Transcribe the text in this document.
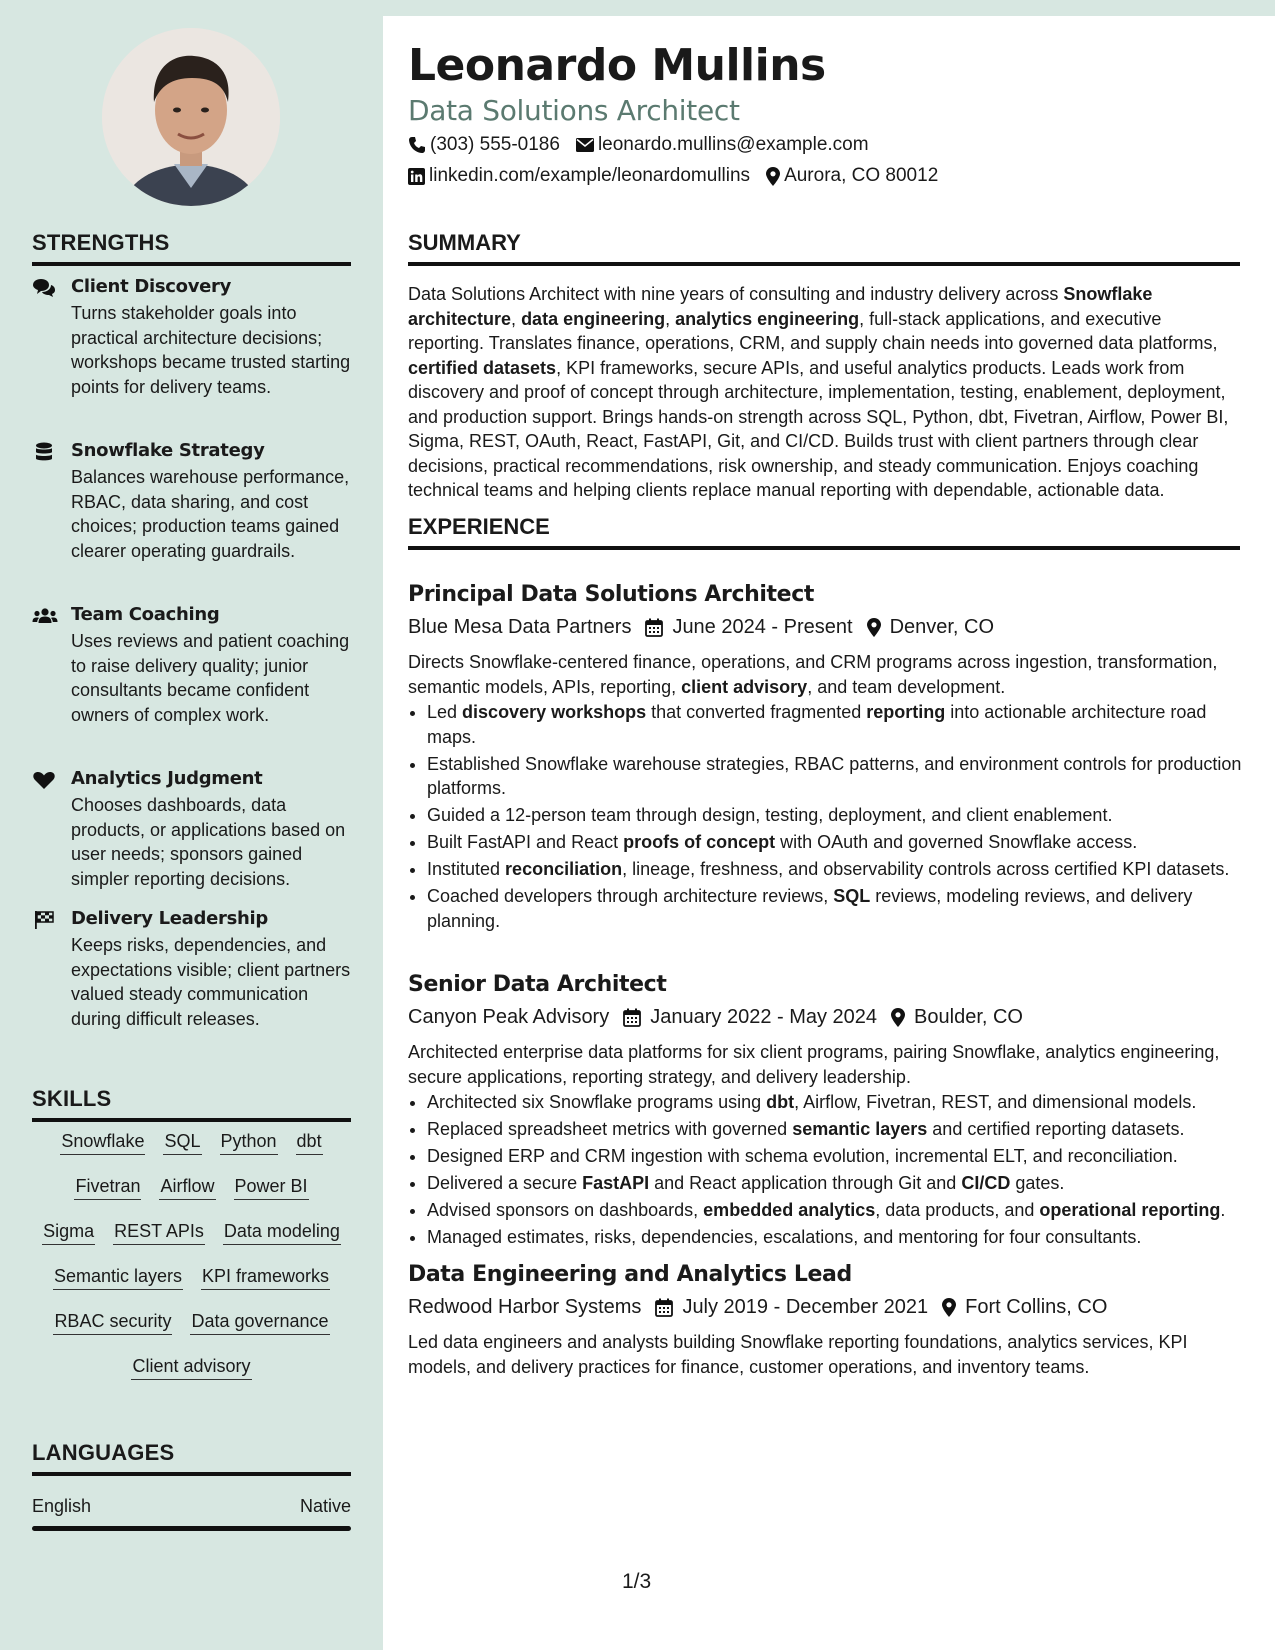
STRENGTHS
Client Discovery
Turns stakeholder goals into practical architecture decisions; workshops became trusted starting points for delivery teams.
Snowflake Strategy
Balances warehouse performance, RBAC, data sharing, and cost choices; production teams gained clearer operating guardrails.
Team Coaching
Uses reviews and patient coaching to raise delivery quality; junior consultants became confident owners of complex work.
Analytics Judgment
Chooses dashboards, data products, or applications based on user needs; sponsors gained simpler reporting decisions.
Delivery Leadership
Keeps risks, dependencies, and expectations visible; client partners valued steady communication during difficult releases.
SKILLS
Snowflake SQL Python dbt
Fivetran Airflow Power BI
Sigma REST APIs Data modeling
Semantic layers KPI frameworks
RBAC security Data governance
Client advisory
LANGUAGES
English	Native
Leonardo Mullins
Data Solutions Architect
(303) 555-0186 leonardo.mullins@example.com
linkedin.com/example/leonardomullins Aurora, CO 80012
SUMMARY
Data Solutions Architect with nine years of consulting and industry delivery across Snowflake architecture, data engineering, analytics engineering, full-stack applications, and executive reporting. Translates finance, operations, CRM, and supply chain needs into governed data platforms, certified datasets, KPI frameworks, secure APIs, and useful analytics products. Leads work from discovery and proof of concept through architecture, implementation, testing, enablement, deployment, and production support. Brings hands-on strength across SQL, Python, dbt, Fivetran, Airflow, Power BI, Sigma, REST, OAuth, React, FastAPI, Git, and CI/CD. Builds trust with client partners through clear decisions, practical recommendations, risk ownership, and steady communication. Enjoys coaching technical teams and helping clients replace manual reporting with dependable, actionable data.
EXPERIENCE
Principal Data Solutions Architect
Blue Mesa Data Partners June 2024 - Present Denver, CO
Directs Snowflake-centered finance, operations, and CRM programs across ingestion, transformation, semantic models, APIs, reporting, client advisory, and team development.
• Led discovery workshops that converted fragmented reporting into actionable architecture road maps.
• Established Snowflake warehouse strategies, RBAC patterns, and environment controls for production platforms.
• Guided a 12-person team through design, testing, deployment, and client enablement.
• Built FastAPI and React proofs of concept with OAuth and governed Snowflake access.
• Instituted reconciliation, lineage, freshness, and observability controls across certified KPI datasets.
• Coached developers through architecture reviews, SQL reviews, modeling reviews, and delivery planning.
Senior Data Architect
Canyon Peak Advisory January 2022 - May 2024 Boulder, CO
Architected enterprise data platforms for six client programs, pairing Snowflake, analytics engineering, secure applications, reporting strategy, and delivery leadership.
• Architected six Snowflake programs using dbt, Airflow, Fivetran, REST, and dimensional models.
• Replaced spreadsheet metrics with governed semantic layers and certified reporting datasets.
• Designed ERP and CRM ingestion with schema evolution, incremental ELT, and reconciliation.
• Delivered a secure FastAPI and React application through Git and CI/CD gates.
• Advised sponsors on dashboards, embedded analytics, data products, and operational reporting.
• Managed estimates, risks, dependencies, escalations, and mentoring for four consultants.
Data Engineering and Analytics Lead
Redwood Harbor Systems July 2019 - December 2021 Fort Collins, CO
Led data engineers and analysts building Snowflake reporting foundations, analytics services, KPI models, and delivery practices for finance, customer operations, and inventory teams.
1/3
